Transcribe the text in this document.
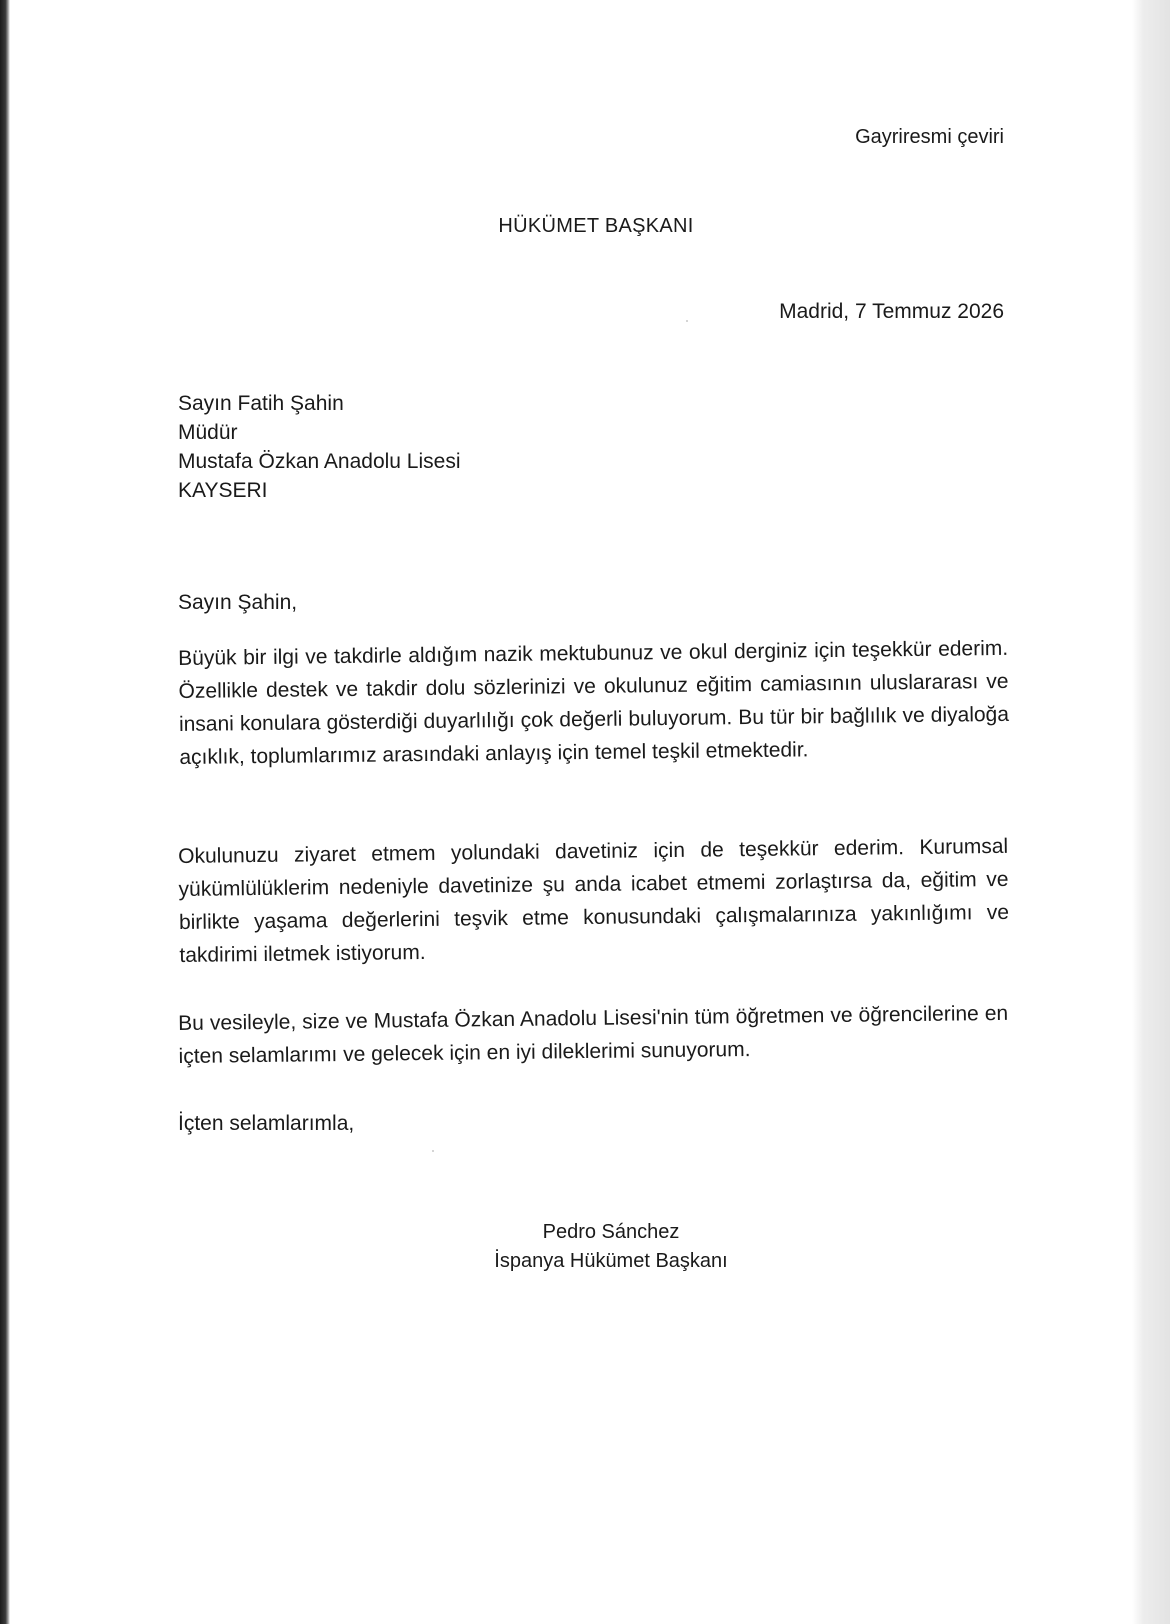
Gayriresmi çeviri
HÜKÜMET BAŞKANI
Madrid, 7 Temmuz 2026
Sayın Fatih Şahin
Müdür
Mustafa Özkan Anadolu Lisesi
KAYSERI
Sayın Şahin,

Büyük bir ilgi ve takdirle aldığım nazik mektubunuz ve okul derginiz için teşekkür ederim. Özellikle destek ve takdir dolu sözlerinizi ve okulunuz eğitim camiasının uluslararası ve insani konulara gösterdiği duyarlılığı çok değerli buluyorum. Bu tür bir bağlılık ve diyaloğa açıklık, toplumlarımız arasındaki anlayış için temel teşkil etmektedir.

Okulunuzu ziyaret etmem yolundaki davetiniz için de teşekkür ederim. Kurumsal yükümlülüklerim nedeniyle davetinize şu anda icabet etmemi zorlaştırsa da, eğitim ve birlikte yaşama değerlerini teşvik etme konusundaki çalışmalarınıza yakınlığımı ve takdirimi iletmek istiyorum.

Bu vesileyle, size ve Mustafa Özkan Anadolu Lisesi'nin tüm öğretmen ve öğrencilerine en içten selamlarımı ve gelecek için en iyi dileklerimi sunuyorum.

İçten selamlarımla,
Pedro Sánchez
İspanya Hükümet Başkanı
